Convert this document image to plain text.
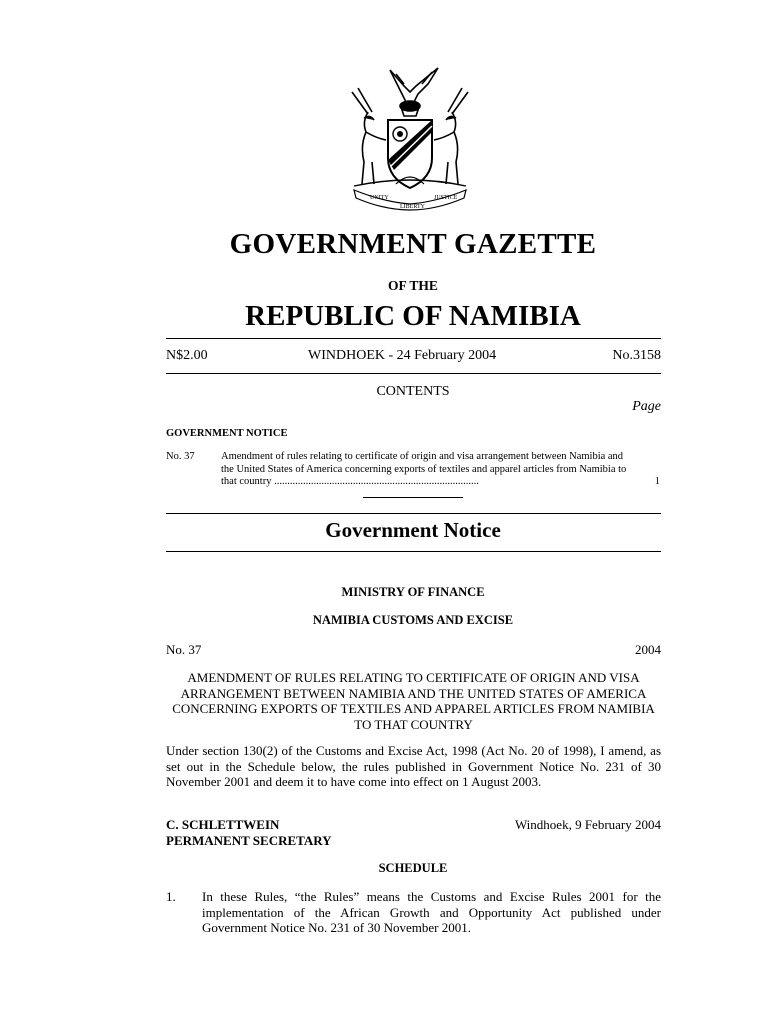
UNITY
LIBERTY
JUSTICE
GOVERNMENT GAZETTE
OF THE
REPUBLIC OF NAMIBIA
N$2.00	WINDHOEK - 24 February 2004	No.3158
CONTENTS
Page
GOVERNMENT NOTICE
No. 37	Amendment of rules relating to certificate of origin and visa arrangement between Namibia and the United States of America concerning exports of textiles and apparel articles from Namibia to that country ..............................................................................	1
Government Notice
MINISTRY OF FINANCE
NAMIBIA CUSTOMS AND EXCISE
No. 37	2004
AMENDMENT OF RULES RELATING TO CERTIFICATE OF ORIGIN AND VISA ARRANGEMENT BETWEEN NAMIBIA AND THE UNITED STATES OF AMERICA CONCERNING EXPORTS OF TEXTILES AND APPAREL ARTICLES FROM NAMIBIA TO THAT COUNTRY
Under section 130(2) of the Customs and Excise Act, 1998 (Act No. 20 of 1998), I amend, as set out in the Schedule below, the rules published in Government Notice No. 231 of 30 November 2001 and deem it to have come into effect on 1 August 2003.
C. SCHLETTWEIN
PERMANENT SECRETARY
Windhoek, 9 February 2004
SCHEDULE
1. In these Rules, “the Rules” means the Customs and Excise Rules 2001 for the implementation of the African Growth and Opportunity Act published under Government Notice No. 231 of 30 November 2001.
